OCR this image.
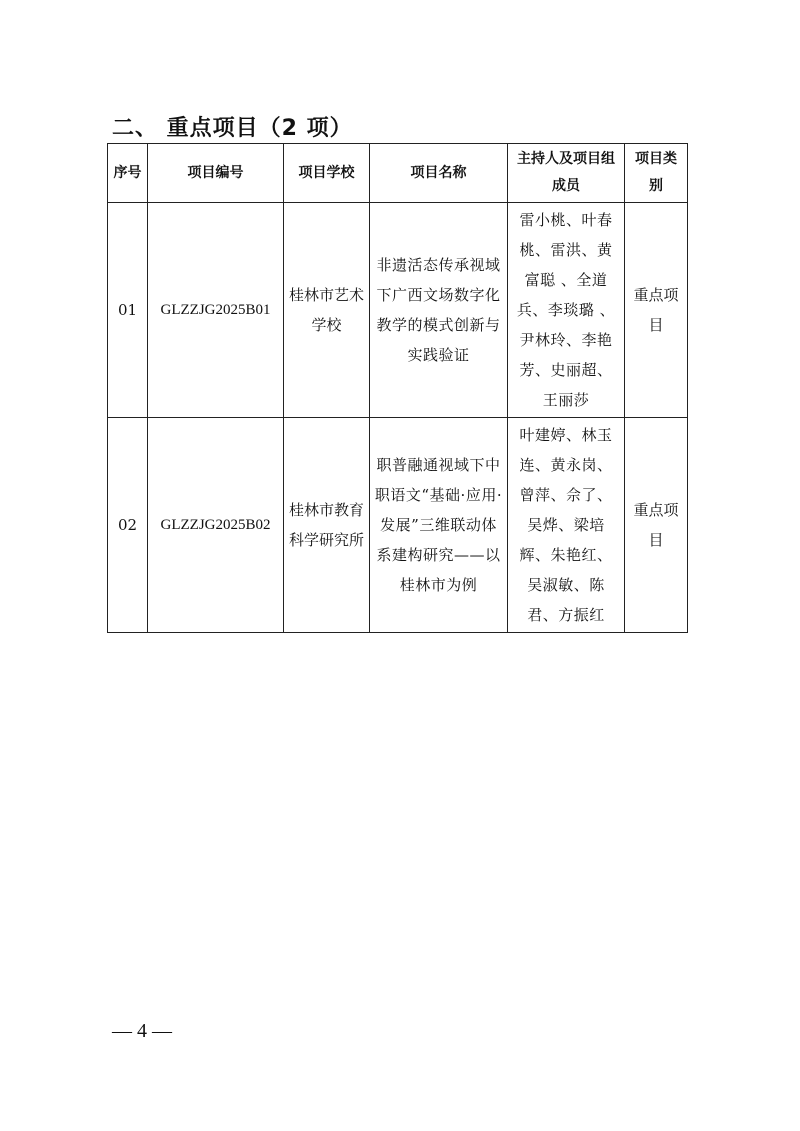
二、 重点项目（2 项）
序号	项目编号	项目学校	项目名称	主持人及项目组成员	项目类别
01	GLZZJG2025B01	桂林市艺术学校	非遗活态传承视域下广西文场数字化教学的模式创新与实践验证	雷小桃、叶春桃、雷洪、黄富聪 、全道兵、李琰璐 、尹林玲、李艳芳、史丽超、王丽莎	重点项目
02	GLZZJG2025B02	桂林市教育科学研究所	职普融通视域下中职语文“基础·应用·发展”三维联动体系建构研究——以桂林市为例	叶建婷、林玉连、黄永岗、曾萍、佘了、吴烨、梁培辉、朱艳红、吴淑敏、陈君、方振红	重点项目
— 4 —
